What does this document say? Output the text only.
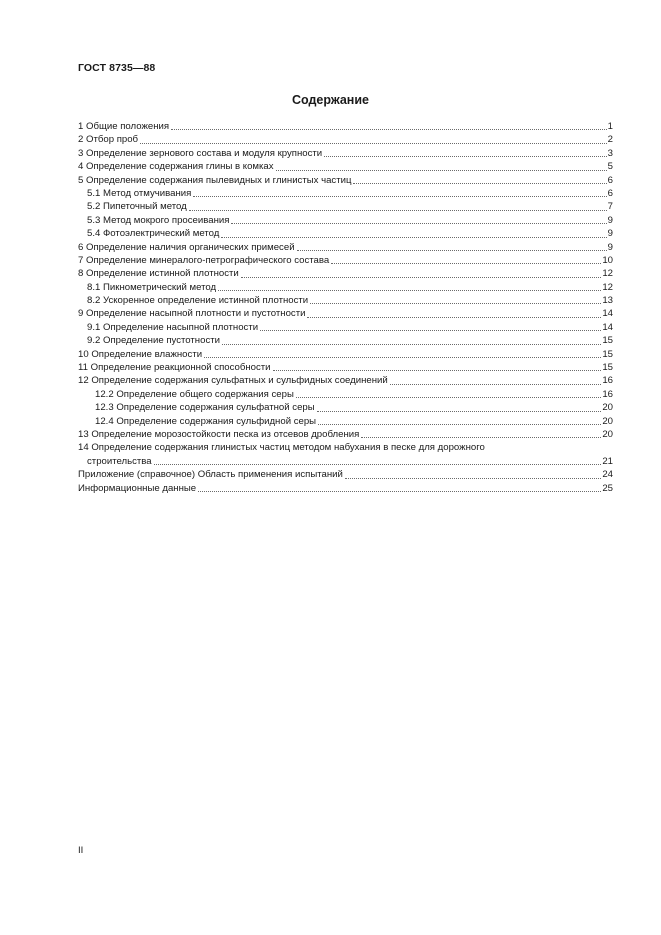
ГОСТ 8735—88
Содержание
1 Общие положения	1
2 Отбор проб	2
3 Определение зернового состава и модуля крупности	3
4 Определение содержания глины в комках	5
5 Определение содержания пылевидных и глинистых частиц	6
5.1 Метод отмучивания	6
5.2 Пипеточный метод	7
5.3 Метод мокрого просеивания	9
5.4 Фотоэлектрический метод	9
6 Определение наличия органических примесей	9
7 Определение минералого-петрографического состава	10
8 Определение истинной плотности	12
8.1 Пикнометрический метод	12
8.2 Ускоренное определение истинной плотности	13
9 Определение насыпной плотности и пустотности	14
9.1 Определение насыпной плотности	14
9.2 Определение пустотности	15
10 Определение влажности	15
11 Определение реакционной способности	15
12 Определение содержания сульфатных и сульфидных соединений	16
12.2 Определение общего содержания серы	16
12.3 Определение содержания сульфатной серы	20
12.4 Определение содержания сульфидной серы	20
13 Определение морозостойкости песка из отсевов дробления	20
14 Определение содержания глинистых частиц методом набухания в песке для дорожного
строительства	21
Приложение (справочное) Область применения испытаний	24
Информационные данные	25
II
